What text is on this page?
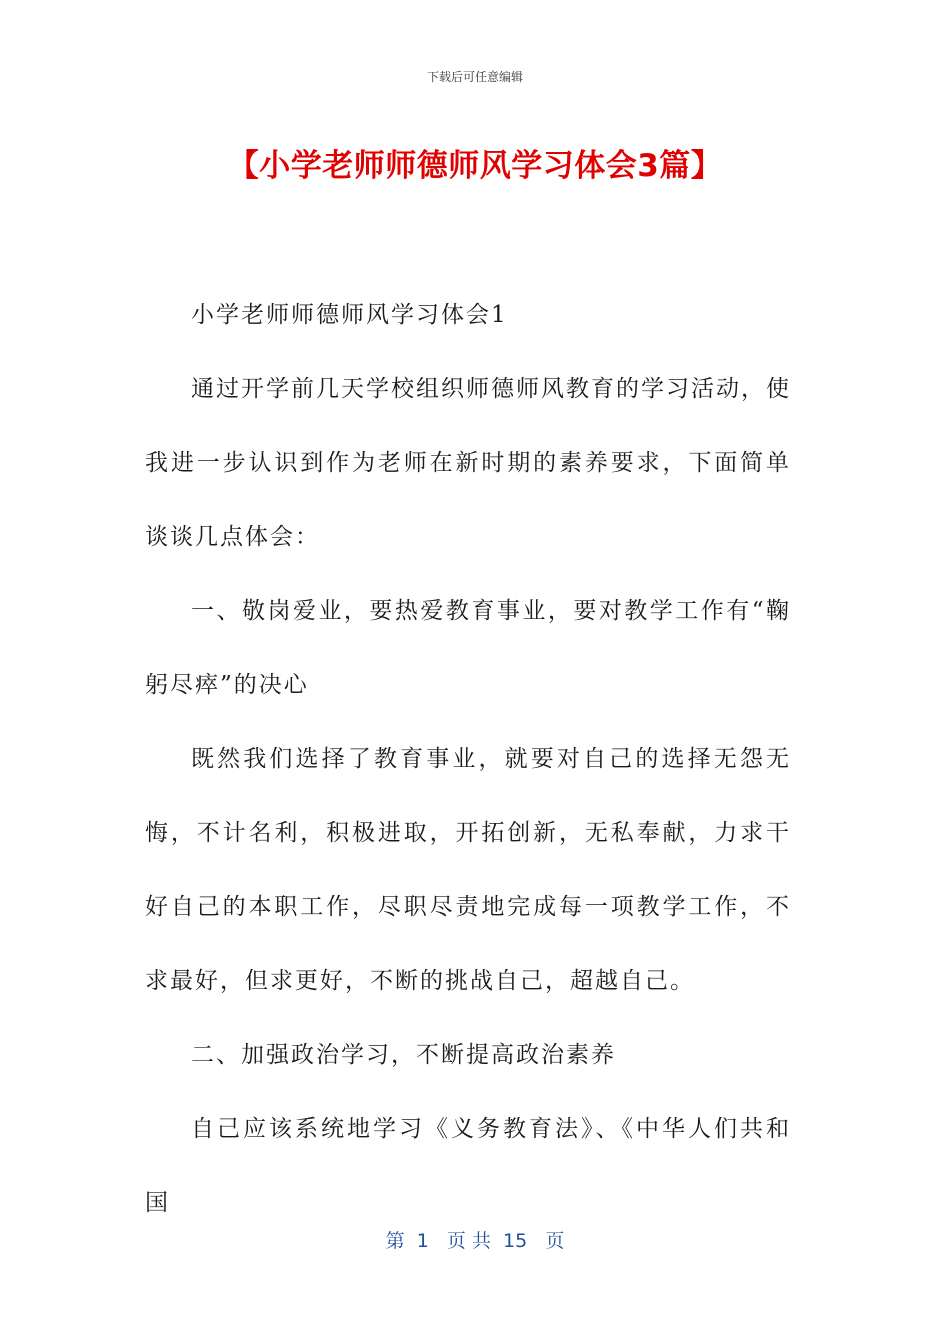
下载后可任意编辑
【小学老师师德师风学习体会3篇】

小学老师师德师风学习体会1

通过开学前几天学校组织师德师风教育的学习活动，使我进一步认识到作为老师在新时期的素养要求，下面简单谈谈几点体会：

一、敬岗爱业，要热爱教育事业，要对教学工作有“鞠躬尽瘁”的决心

既然我们选择了教育事业，就要对自己的选择无怨无悔，不计名利，积极进取，开拓创新，无私奉献，力求干好自己的本职工作，尽职尽责地完成每一项教学工作，不求最好，但求更好，不断的挑战自己，超越自己。

二、加强政治学习，不断提高政治素养

自己应该系统地学习《义务教育法》、《中华人们共和国

第  1   页 共  15   页
